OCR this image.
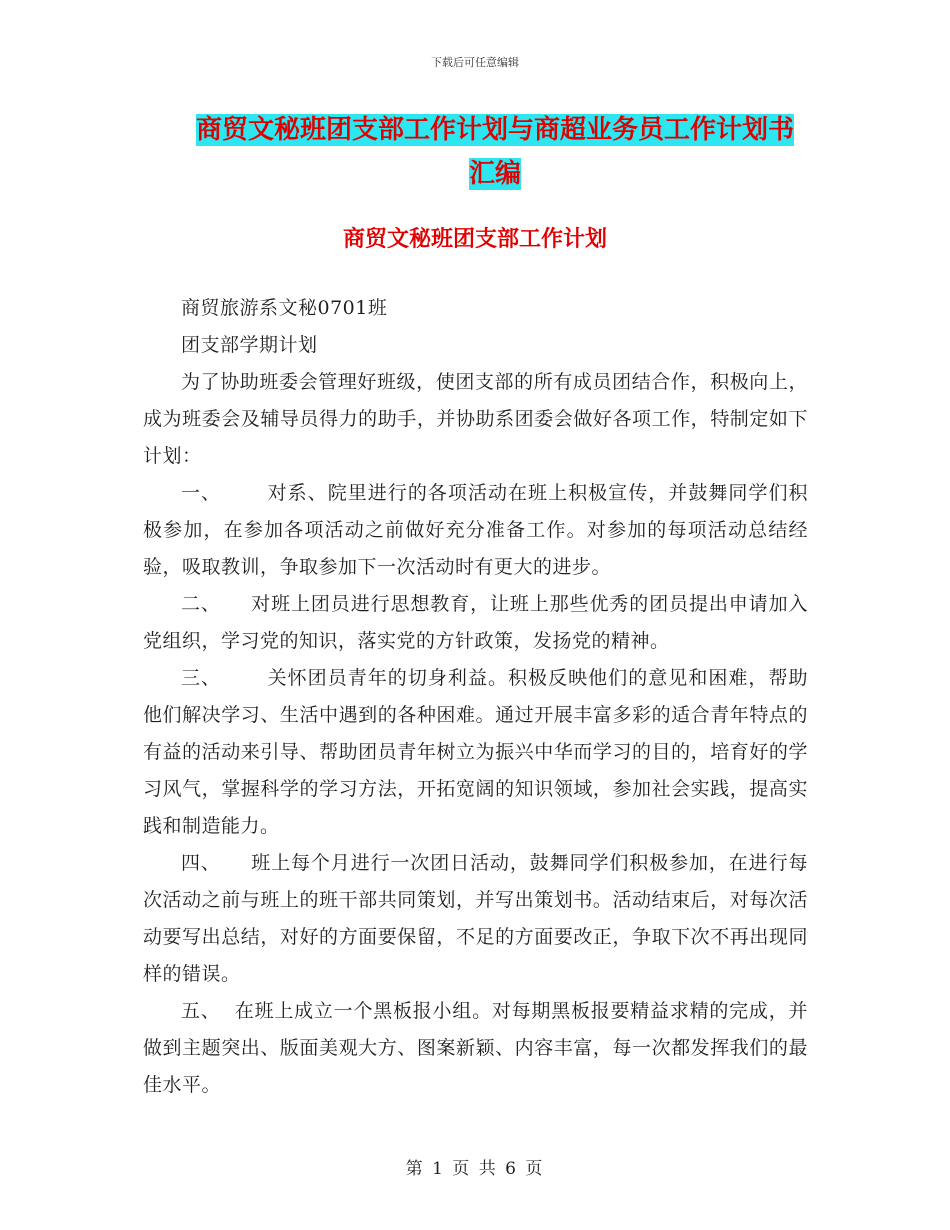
下载后可任意编辑
商贸文秘班团支部工作计划与商超业务员工作计划书
汇编
商贸文秘班团支部工作计划

商贸旅游系文秘0701班

团支部学期计划

为了协助班委会管理好班级，使团支部的所有成员团结合作，积极向上，成为班委会及辅导员得力的助手，并协助系团委会做好各项工作，特制定如下计划：

一、 对系、院里进行的各项活动在班上积极宣传，并鼓舞同学们积极参加，在参加各项活动之前做好充分准备工作。对参加的每项活动总结经验，吸取教训，争取参加下一次活动时有更大的进步。

二、 对班上团员进行思想教育，让班上那些优秀的团员提出申请加入党组织，学习党的知识，落实党的方针政策，发扬党的精神。

三、 关怀团员青年的切身利益。积极反映他们的意见和困难，帮助他们解决学习、生活中遇到的各种困难。通过开展丰富多彩的适合青年特点的有益的活动来引导、帮助团员青年树立为振兴中华而学习的目的，培育好的学习风气，掌握科学的学习方法，开拓宽阔的知识领域，参加社会实践，提高实践和制造能力。

四、 班上每个月进行一次团日活动，鼓舞同学们积极参加，在进行每次活动之前与班上的班干部共同策划，并写出策划书。活动结束后，对每次活动要写出总结，对好的方面要保留，不足的方面要改正，争取下次不再出现同样的错误。

五、 在班上成立一个黑板报小组。对每期黑板报要精益求精的完成，并做到主题突出、版面美观大方、图案新颖、内容丰富，每一次都发挥我们的最佳水平。

第 1 页 共 6 页
